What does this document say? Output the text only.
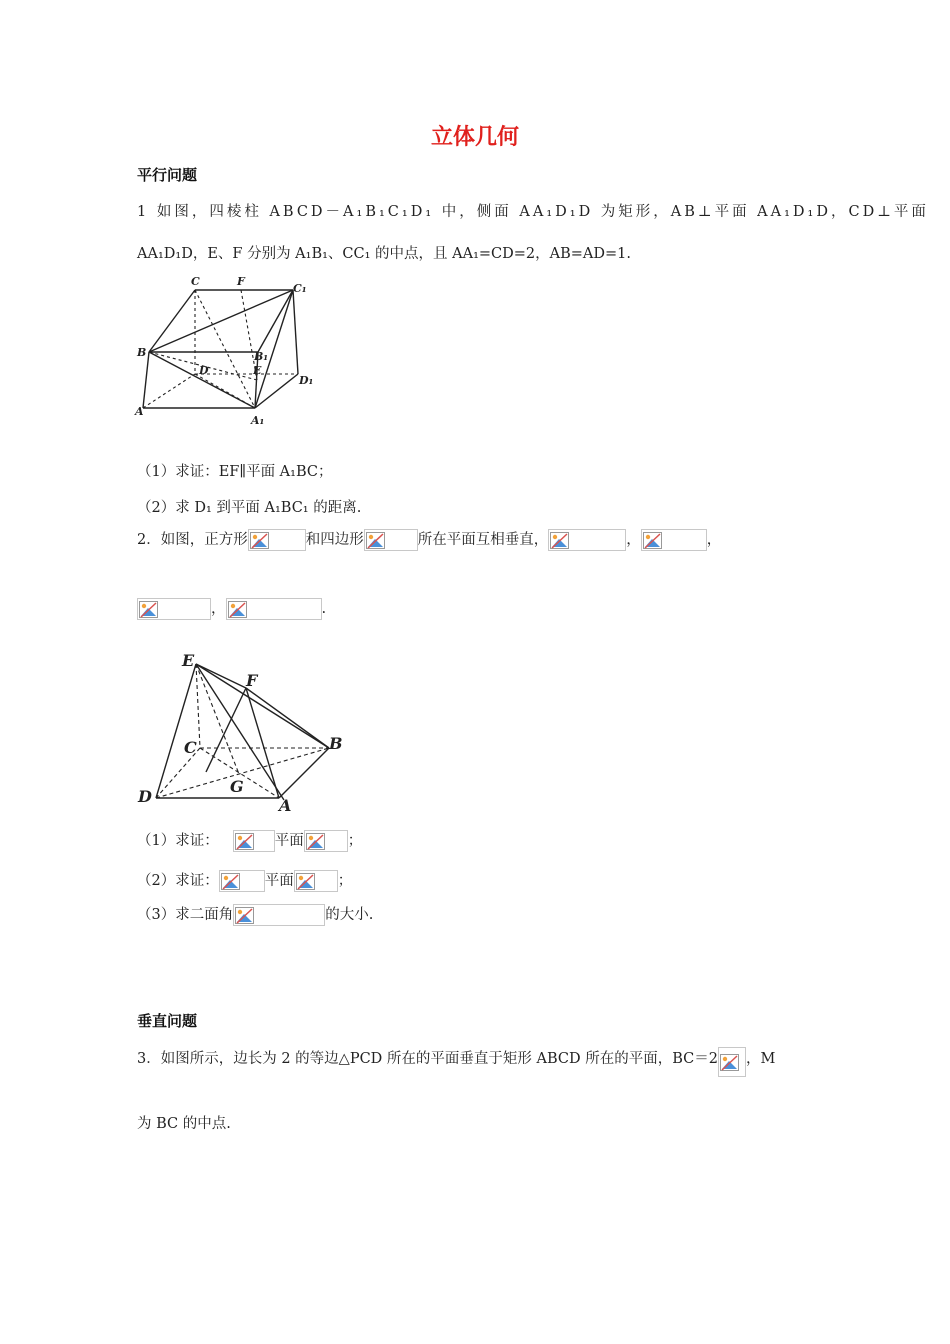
立体几何
平行问题
1 如图，四棱柱 ABCD－A₁B₁C₁D₁ 中，侧面 AA₁D₁D 为矩形，AB⊥平面 AA₁D₁D，CD⊥平面
AA₁D₁D，E、F 分别为 A₁B₁、CC₁ 的中点，且 AA₁=CD=2，AB=AD=1.
C	F
C₁
B	B₁
D	E
D₁
A
A₁
（1）求证：EF∥平面 A₁BC；
（2）求 D₁ 到平面 A₁BC₁ 的距离.
2．如图，正方形	和四边形	所在平面互相垂直，	，	，
，	.
E
F
C	B
G
D	A
（1）求证：	平面	；
（2）求证：	平面	；
（3）求二面角	的大小.
垂直问题
3．如图所示，边长为 2 的等边△PCD 所在的平面垂直于矩形 ABCD 所在的平面，BC＝2 ，M
为 BC 的中点.
